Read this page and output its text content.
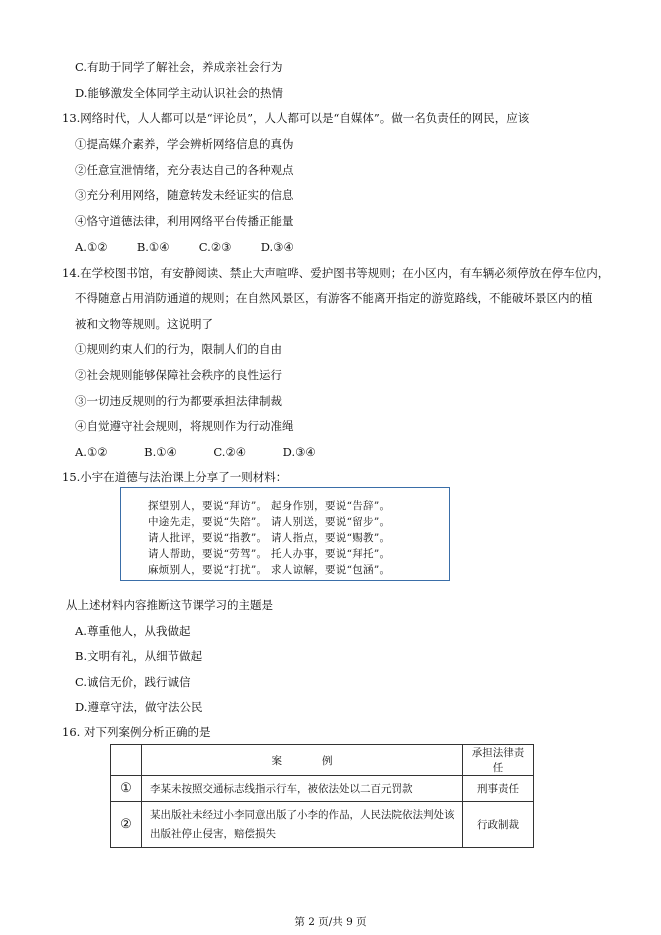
C.有助于同学了解社会，养成亲社会行为
D.能够激发全体同学主动认识社会的热情
13.网络时代，人人都可以是“评论员”，人人都可以是“自媒体”。做一名负责任的网民，应该
①提高媒介素养，学会辨析网络信息的真伪
②任意宣泄情绪，充分表达自己的各种观点
③充分利用网络，随意转发未经证实的信息
④恪守道德法律，利用网络平台传播正能量
A.①②        B.①④        C.②③        D.③④
14.在学校图书馆，有安静阅读、禁止大声喧哗、爱护图书等规则；在小区内，有车辆必须停放在停车位内，
不得随意占用消防通道的规则；在自然风景区，有游客不能离开指定的游览路线，不能破坏景区内的植
被和文物等规则。这说明了
①规则约束人们的行为，限制人们的自由
②社会规则能够保障社会秩序的良性运行
③一切违反规则的行为都要承担法律制裁
④自觉遵守社会规则，将规则作为行动准绳
A.①②          B.①④          C.②④          D.③④
15.小宇在道德与法治课上分享了一则材料：
探望别人，要说“拜访”。 起身作别，要说“告辞”。
中途先走，要说“失陪”。 请人别送，要说“留步”。
请人批评，要说“指教”。 请人指点，要说“赐教”。
请人帮助，要说“劳驾”。 托人办事，要说“拜托”。
麻烦别人，要说“打扰”。 求人谅解，要说“包涵”。
从上述材料内容推断这节课学习的主题是
A.尊重他人，从我做起
B.文明有礼，从细节做起
C.诚信无价，践行诚信
D.遵章守法，做守法公民
16. 对下列案例分析正确的是
	案            例	承担法律责任
①	李某未按照交通标志线指示行车，被依法处以二百元罚款	刑事责任
②	某出版社未经过小李同意出版了小李的作品，人民法院依法判处该出版社停止侵害，赔偿损失	行政制裁
第 2 页/共 9 页
